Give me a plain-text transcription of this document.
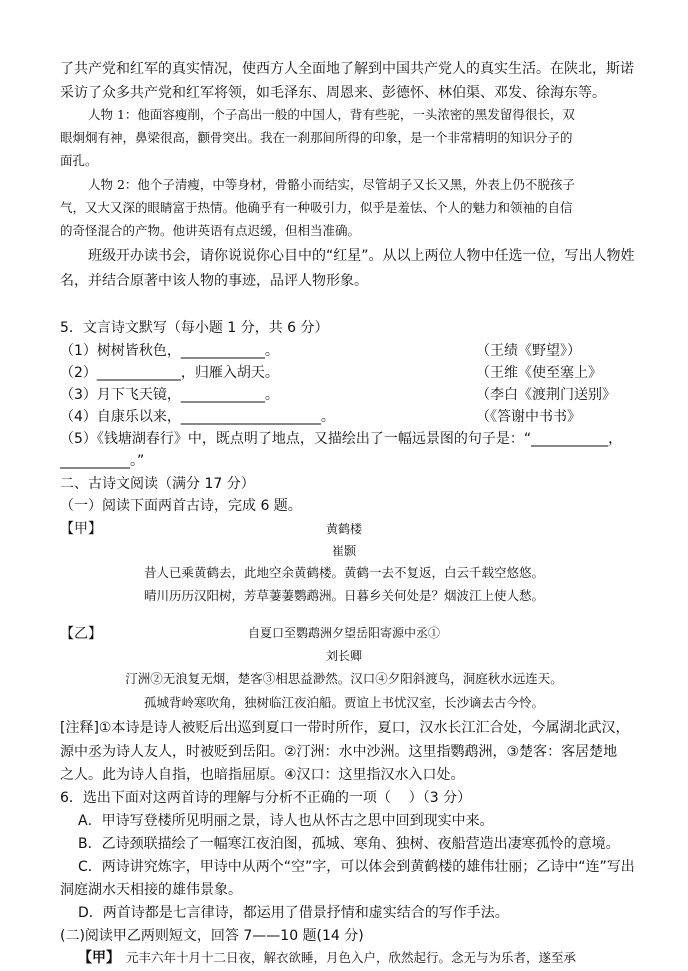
了共产党和红军的真实情况，使西方人全面地了解到中国共产党人的真实生活。在陕北，斯诺
采访了众多共产党和红军将领，如毛泽东、周恩来、彭德怀、林伯渠、邓发、徐海东等。
人物 1：他面容瘦削，个子高出一般的中国人，背有些驼，一头浓密的黑发留得很长，双
眼炯炯有神，鼻梁很高，颧骨突出。我在一刹那间所得的印象，是一个非常精明的知识分子的
面孔。
人物 2：他个子清瘦，中等身材，骨骼小而结实，尽管胡子又长又黑，外表上仍不脱孩子
气，又大又深的眼睛富于热情。他确乎有一种吸引力，似乎是羞怯、个人的魅力和领袖的自信
的奇怪混合的产物。他讲英语有点迟缓，但相当准确。
班级开办读书会，请你说说你心目中的“红星”。从以上两位人物中任选一位，写出人物姓
名，并结合原著中该人物的事迹，品评人物形象。
5．文言诗文默写（每小题 1 分，共 6 分）
（1）树树皆秋色，____________。	（王绩《野望》）
（2）____________，归雁入胡天。	（王维《使至塞上》
（3）月下飞天镜，____________。	（李白《渡荆门送别》
（4）自康乐以来，____________________。	（《答谢中书书》
（5）《钱塘湖春行》中，既点明了地点，又描绘出了一幅远景图的句子是：“___________，
__________。”
二、古诗文阅读（满分 17 分）
（一）阅读下面两首古诗，完成 6 题。
【甲】	黄鹤楼
崔颢
昔人已乘黄鹤去，此地空余黄鹤楼。黄鹤一去不复返，白云千载空悠悠。
晴川历历汉阳树，芳草萋萋鹦鹉洲。日暮乡关何处是？烟波江上使人愁。
【乙】	自夏口至鹦鹉洲夕望岳阳寄源中丞①
刘长卿
汀洲②无浪复无烟，楚客③相思益渺然。汉口④夕阳斜渡鸟，洞庭秋水远连天。
孤城背岭寒吹角，独树临江夜泊船。贾谊上书忧汉室，长沙谪去古今怜。
[注释]①本诗是诗人被贬后出巡到夏口一带时所作，夏口，汉水长江汇合处，今属湖北武汉，
源中丞为诗人友人，时被贬到岳阳。②汀洲：水中沙洲。这里指鹦鹉洲，③楚客：客居楚地
之人。此为诗人自指，也暗指屈原。④汉口：这里指汉水入口处。
6．选出下面对这两首诗的理解与分析不正确的一项（    ）（3 分）
A．甲诗写登楼所见明丽之景，诗人也从怀古之思中回到现实中来。
B．乙诗颈联描绘了一幅寒江夜泊图，孤城、寒角、独树、夜船营造出凄寒孤怜的意境。
C．两诗讲究炼字，甲诗中从两个“空”字，可以体会到黄鹤楼的雄伟壮丽；乙诗中“连”写出
洞庭湖水天相接的雄伟景象。
D．两首诗都是七言律诗，都运用了借景抒情和虚实结合的写作手法。
(二)阅读甲乙两则短文，回答 7——10 题(14 分)
【甲】 元丰六年十月十二日夜，解衣欲睡，月色入户，欣然起行。念无与为乐者，遂至承
